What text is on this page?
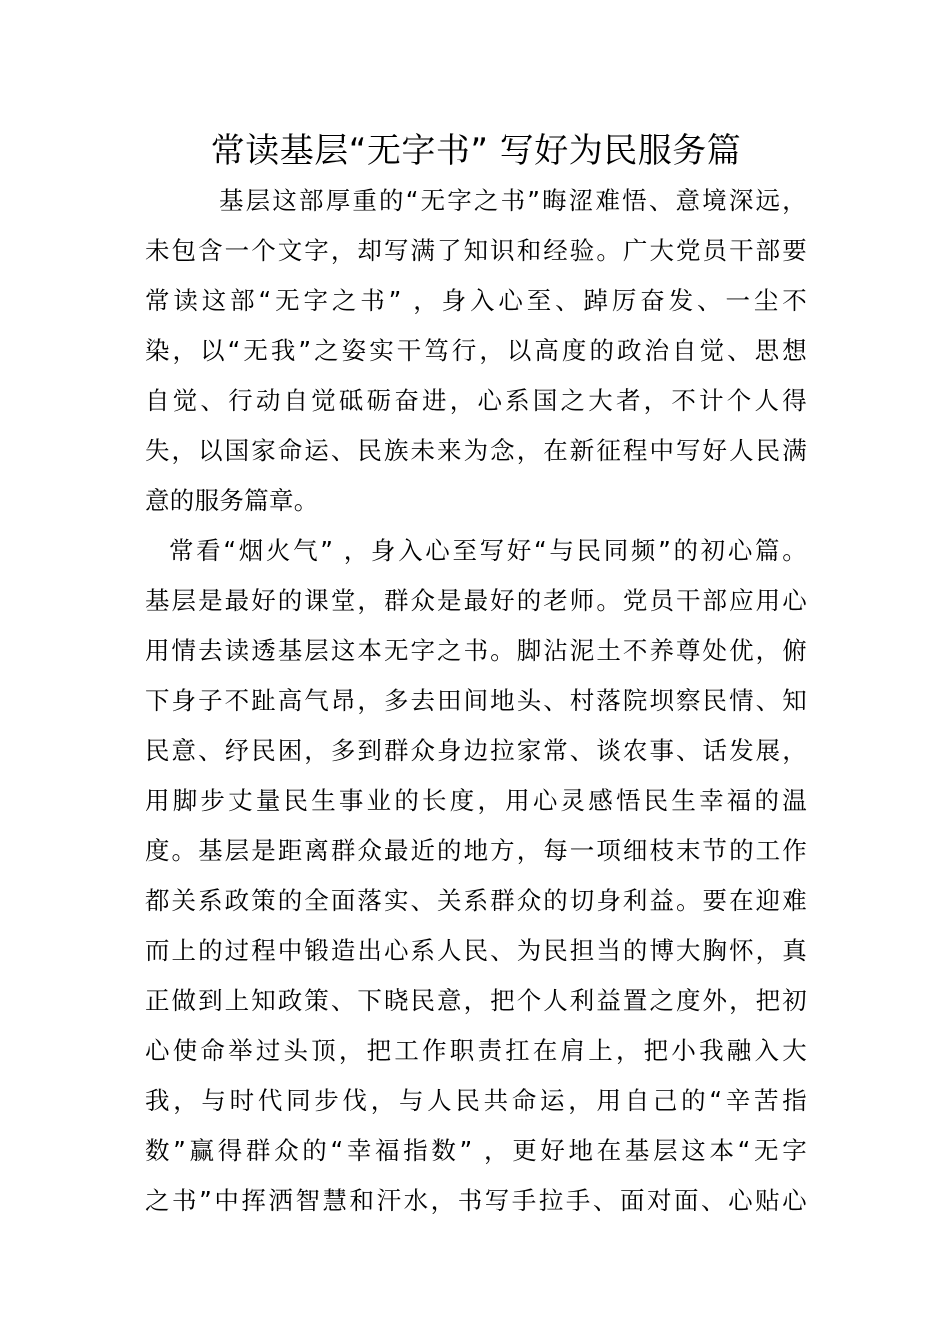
常读基层“无字书” 写好为民服务篇
基层这部厚重的“无字之书”晦涩难悟、意境深远，
未包含一个文字，却写满了知识和经验。广大党员干部要
常读这部“无字之书” ，身入心至、踔厉奋发、一尘不
染，以“无我”之姿实干笃行，以高度的政治自觉、思想
自觉、行动自觉砥砺奋进，心系国之大者，不计个人得
失，以国家命运、民族未来为念，在新征程中写好人民满
意的服务篇章。
常看“烟火气” ，身入心至写好“与民同频”的初心篇。
基层是最好的课堂，群众是最好的老师。党员干部应用心
用情去读透基层这本无字之书。脚沾泥土不养尊处优，俯
下身子不趾高气昂，多去田间地头、村落院坝察民情、知
民意、纾民困，多到群众身边拉家常、谈农事、话发展，
用脚步丈量民生事业的长度，用心灵感悟民生幸福的温
度。基层是距离群众最近的地方，每一项细枝末节的工作
都关系政策的全面落实、关系群众的切身利益。要在迎难
而上的过程中锻造出心系人民、为民担当的博大胸怀，真
正做到上知政策、下晓民意，把个人利益置之度外，把初
心使命举过头顶，把工作职责扛在肩上，把小我融入大
我，与时代同步伐，与人民共命运，用自己的“辛苦指
数”赢得群众的“幸福指数” ，更好地在基层这本“无字
之书”中挥洒智慧和汗水，书写手拉手、面对面、心贴心
